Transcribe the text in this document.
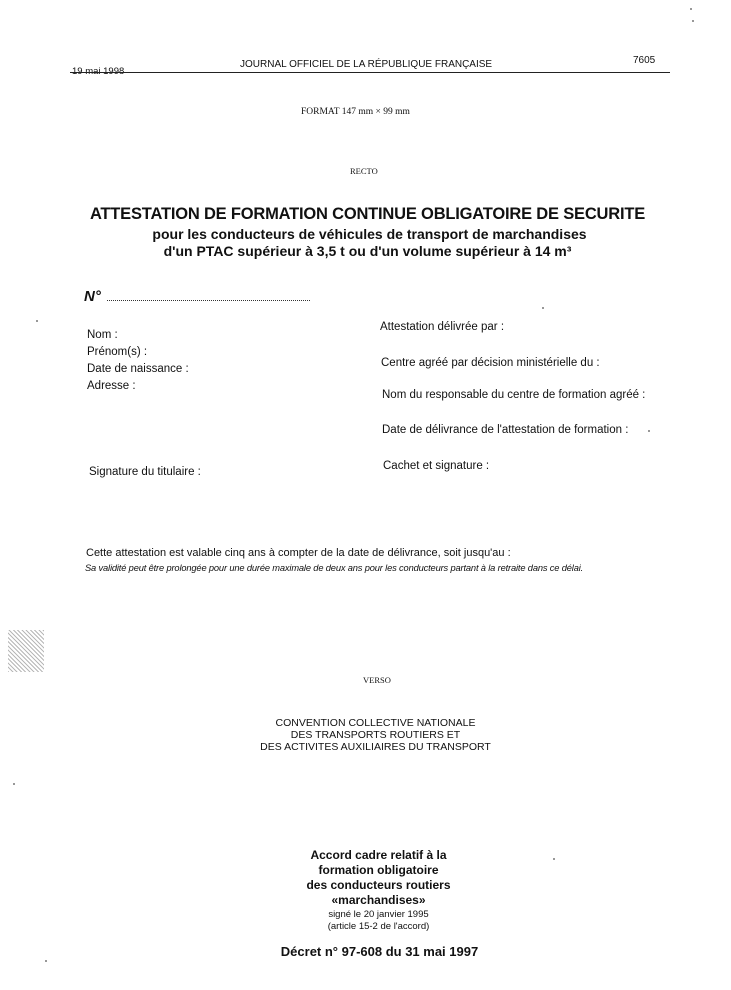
JOURNAL OFFICIEL DE LA RÉPUBLIQUE FRANÇAISE	7605
FORMAT 147 mm × 99 mm
RECTO
ATTESTATION DE FORMATION CONTINUE OBLIGATOIRE DE SECURITE
pour les conducteurs de véhicules de transport de marchandises
d'un PTAC supérieur à 3,5 t ou d'un volume supérieur à 14 m³
N°
Nom :
Prénom(s) :
Date de naissance :
Adresse :
Signature du titulaire :
Attestation délivrée par :
Centre agréé par décision ministérielle du :
Nom du responsable du centre de formation agréé :
Date de délivrance de l'attestation de formation :
Cachet et signature :
Cette attestation est valable cinq ans à compter de la date de délivrance, soit jusqu'au :
Sa validité peut être prolongée pour une durée maximale de deux ans pour les conducteurs partant à la retraite dans ce délai.
VERSO
CONVENTION COLLECTIVE NATIONALE
DES TRANSPORTS ROUTIERS ET
DES ACTIVITES AUXILIAIRES DU TRANSPORT
Accord cadre relatif à la
formation obligatoire
des conducteurs routiers
«marchandises»
signé le 20 janvier 1995
(article 15-2 de l'accord)
Décret n° 97-608 du 31 mai 1997
